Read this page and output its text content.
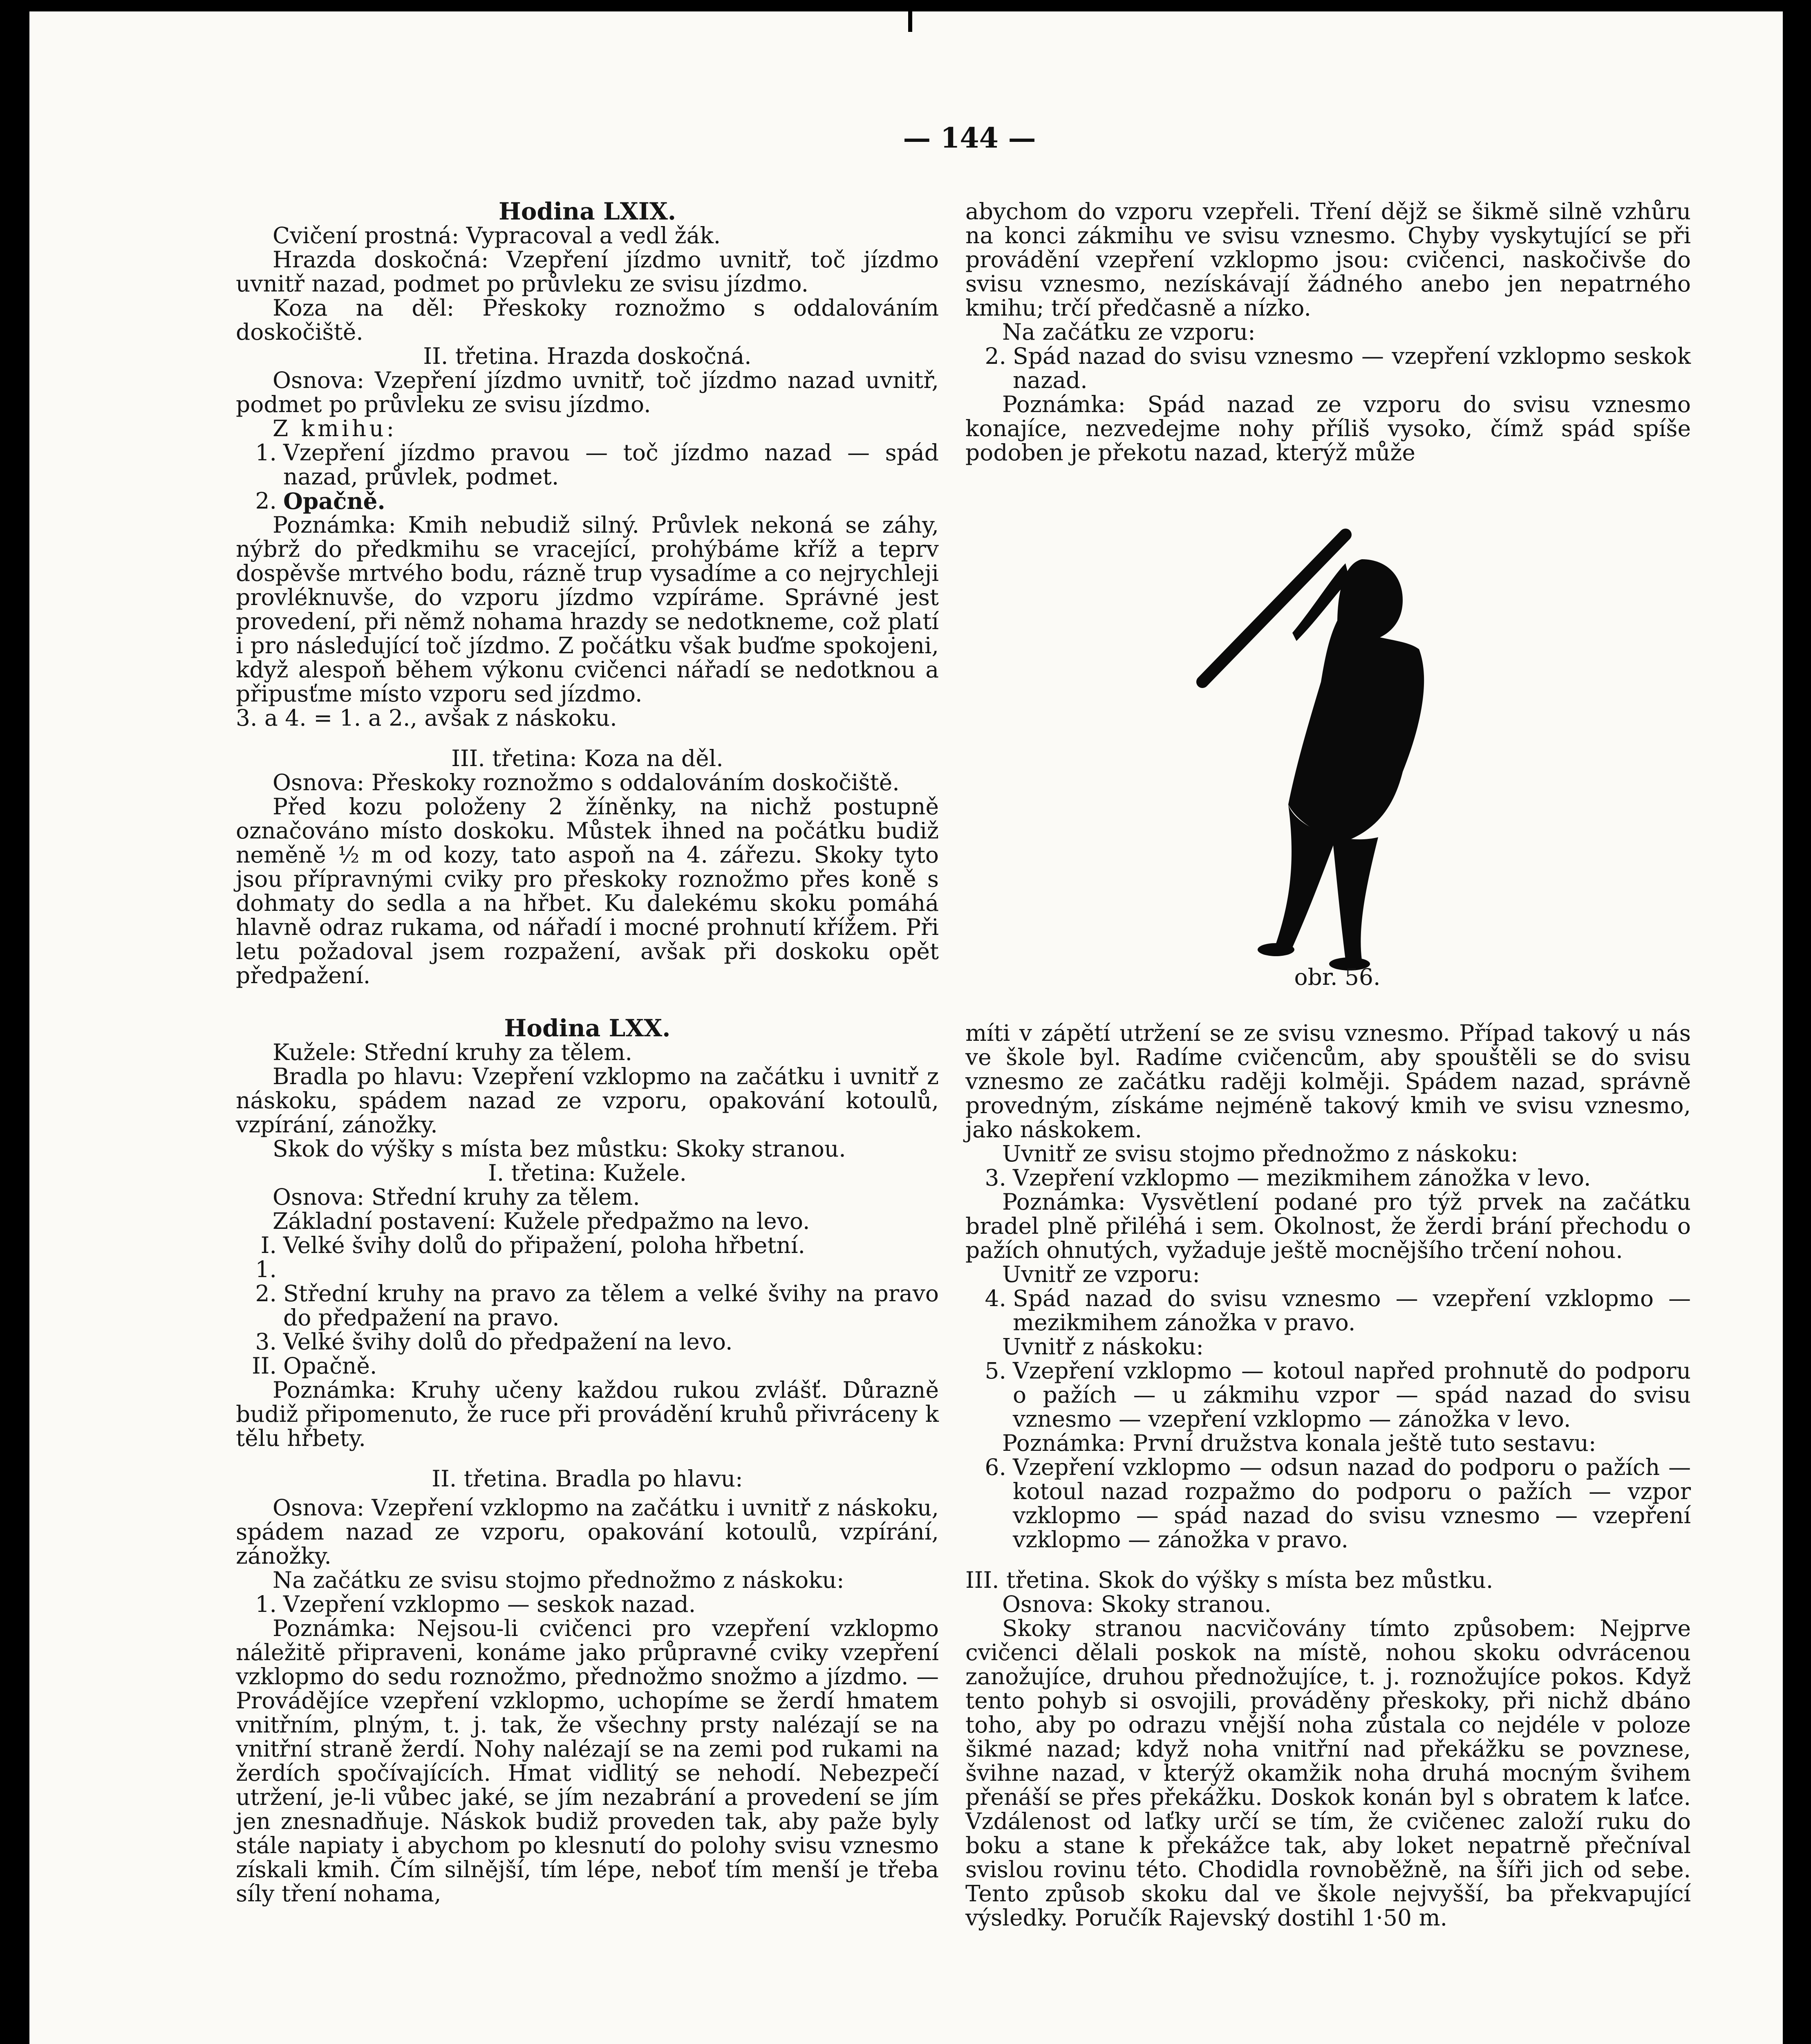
— 144 —

Hodina LXIX.

Cvičení prostná: Vypracoval a vedl žák.

Hrazda doskočná: Vzepření jízdmo uvnitř, toč jízdmo uvnitř nazad, podmet po průvleku ze svisu jízdmo.

Koza na děl: Přeskoky roznožmo s oddalováním doskočiště.

II. třetina. Hrazda doskočná.

Osnova: Vzepření jízdmo uvnitř, toč jízdmo nazad uvnitř, podmet po průvleku ze svisu jízdmo.

Z kmihu:

1. Vzepření jízdmo pravou — toč jízdmo nazad — spád nazad, průvlek, podmet.
2. Opačně.

Poznámka: Kmih nebudiž silný. Průvlek nekoná se záhy, nýbrž do předkmihu se vracející, prohýbáme kříž a teprv dospěvše mrtvého bodu, rázně trup vysadíme a co nejrychleji provléknuvše, do vzporu jízdmo vzpíráme. Správné jest provedení, při němž nohama hrazdy se nedotkneme, což platí i pro následující toč jízdmo. Z počátku však buďme spokojeni, když alespoň během výkonu cvičenci nářadí se nedotknou a připusťme místo vzporu sed jízdmo.

3. a 4. = 1. a 2., avšak z náskoku.

III. třetina: Koza na děl.

Osnova: Přeskoky roznožmo s oddalováním doskočiště.

Před kozu položeny 2 žíněnky, na nichž postupně označováno místo doskoku. Můstek ihned na počátku budiž neměně ½ m od kozy, tato aspoň na 4. zářezu. Skoky tyto jsou přípravnými cviky pro přeskoky roznožmo přes koně s dohmaty do sedla a na hřbet. Ku dalekému skoku pomáhá hlavně odraz rukama, od nářadí i mocné prohnutí křížem. Při letu požadoval jsem rozpažení, avšak při doskoku opět předpažení.

Hodina LXX.

Kužele: Střední kruhy za tělem.

Bradla po hlavu: Vzepření vzklopmo na začátku i uvnitř z náskoku, spádem nazad ze vzporu, opakování kotoulů, vzpírání, zánožky.

Skok do výšky s místa bez můstku: Skoky stranou.

I. třetina: Kužele.

Osnova: Střední kruhy za tělem.

Základní postavení: Kužele předpažmo na levo.

I. 1.
Velké švihy dolů do připažení, poloha hřbetní.
2. Střední kruhy na pravo za tělem a velké švihy na pravo do předpažení na pravo.
3. Velké švihy dolů do předpažení na levo.
II. Opačně.

Poznámka: Kruhy učeny každou rukou zvlášť. Důrazně budiž připomenuto, že ruce při provádění kruhů přivráceny k tělu hřbety.

II. třetina. Bradla po hlavu:

Osnova: Vzepření vzklopmo na začátku i uvnitř z náskoku, spádem nazad ze vzporu, opakování kotoulů, vzpírání, zánožky.

Na začátku ze svisu stojmo přednožmo z náskoku:

1. Vzepření vzklopmo — seskok nazad.

Poznámka: Nejsou-li cvičenci pro vzepření vzklopmo náležitě připraveni, konáme jako průpravné cviky vzepření vzklopmo do sedu roznožmo, přednožmo snožmo a jízdmo. — Provádějíce vzepření vzklopmo, uchopíme se žerdí hmatem vnitřním, plným, t. j. tak, že všechny prsty nalézají se na vnitřní straně žerdí. Nohy nalézají se na zemi pod rukami na žerdích spočívajících. Hmat vidlitý se nehodí. Nebezpečí utržení, je-li vůbec jaké, se jím nezabrání a provedení se jím jen znesnadňuje. Náskok budiž proveden tak, aby paže byly stále napiaty i abychom po klesnutí do polohy svisu vznesmo získali kmih. Čím silnější, tím lépe, neboť tím menší je třeba síly tření nohama,

abychom do vzporu vzepřeli. Tření dějž se šikmě silně vzhůru na konci zákmihu ve svisu vznesmo. Chyby vyskytující se při provádění vzepření vzklopmo jsou: cvičenci, naskočivše do svisu vznesmo, nezískávají žádného anebo jen nepatrného kmihu; trčí předčasně a nízko.

Na začátku ze vzporu:

2. Spád nazad do svisu vznesmo — vzepření vzklopmo seskok nazad.

Poznámka: Spád nazad ze vzporu do svisu vznesmo konajíce, nezvedejme nohy příliš vysoko, čímž spád spíše podoben je překotu nazad, kterýž může

obr. 56.

míti v zápětí utržení se ze svisu vznesmo. Případ takový u nás ve škole byl. Radíme cvičencům, aby spouštěli se do svisu vznesmo ze začátku raději kolměji. Spádem nazad, správně provedným, získáme nejméně takový kmih ve svisu vznesmo, jako náskokem.

Uvnitř ze svisu stojmo přednožmo z náskoku:

3. Vzepření vzklopmo — mezikmihem zánožka v levo.

Poznámka: Vysvětlení podané pro týž prvek na začátku bradel plně přiléhá i sem. Okolnost, že žerdi brání přechodu o pažích ohnutých, vyžaduje ještě mocnějšího trčení nohou.

Uvnitř ze vzporu:

4. Spád nazad do svisu vznesmo — vzepření vzklopmo — mezikmihem zánožka v pravo.

Uvnitř z náskoku:

5. Vzepření vzklopmo — kotoul napřed prohnutě do podporu o pažích — u zákmihu vzpor — spád nazad do svisu vznesmo — vzepření vzklopmo — zánožka v levo.

Poznámka: První družstva konala ještě tuto sestavu:

6. Vzepření vzklopmo — odsun nazad do podporu o pažích — kotoul nazad rozpažmo do podporu o pažích — vzpor vzklopmo — spád nazad do svisu vznesmo — vzepření vzklopmo — zánožka v pravo.

III. třetina. Skok do výšky s místa bez můstku.

Osnova: Skoky stranou.

Skoky stranou nacvičovány tímto způsobem: Nejprve cvičenci dělali poskok na místě, nohou skoku odvrácenou zanožujíce, druhou přednožujíce, t. j. roznožujíce pokos. Když tento pohyb si osvojili, prováděny přeskoky, při nichž dbáno toho, aby po odrazu vnější noha zůstala co nejdéle v poloze šikmé nazad; když noha vnitřní nad překážku se povznese, švihne nazad, v kterýž okamžik noha druhá mocným švihem přenáší se přes překážku. Doskok konán byl s obratem k laťce. Vzdálenost od laťky určí se tím, že cvičenec založí ruku do boku a stane k překážce tak, aby loket nepatrně přečníval svislou rovinu této. Chodidla rovnoběžně, na šíři jich od sebe. Tento způsob skoku dal ve škole nejvyšší, ba překvapující výsledky. Poručík Rajevský dostihl 1·50 m.
